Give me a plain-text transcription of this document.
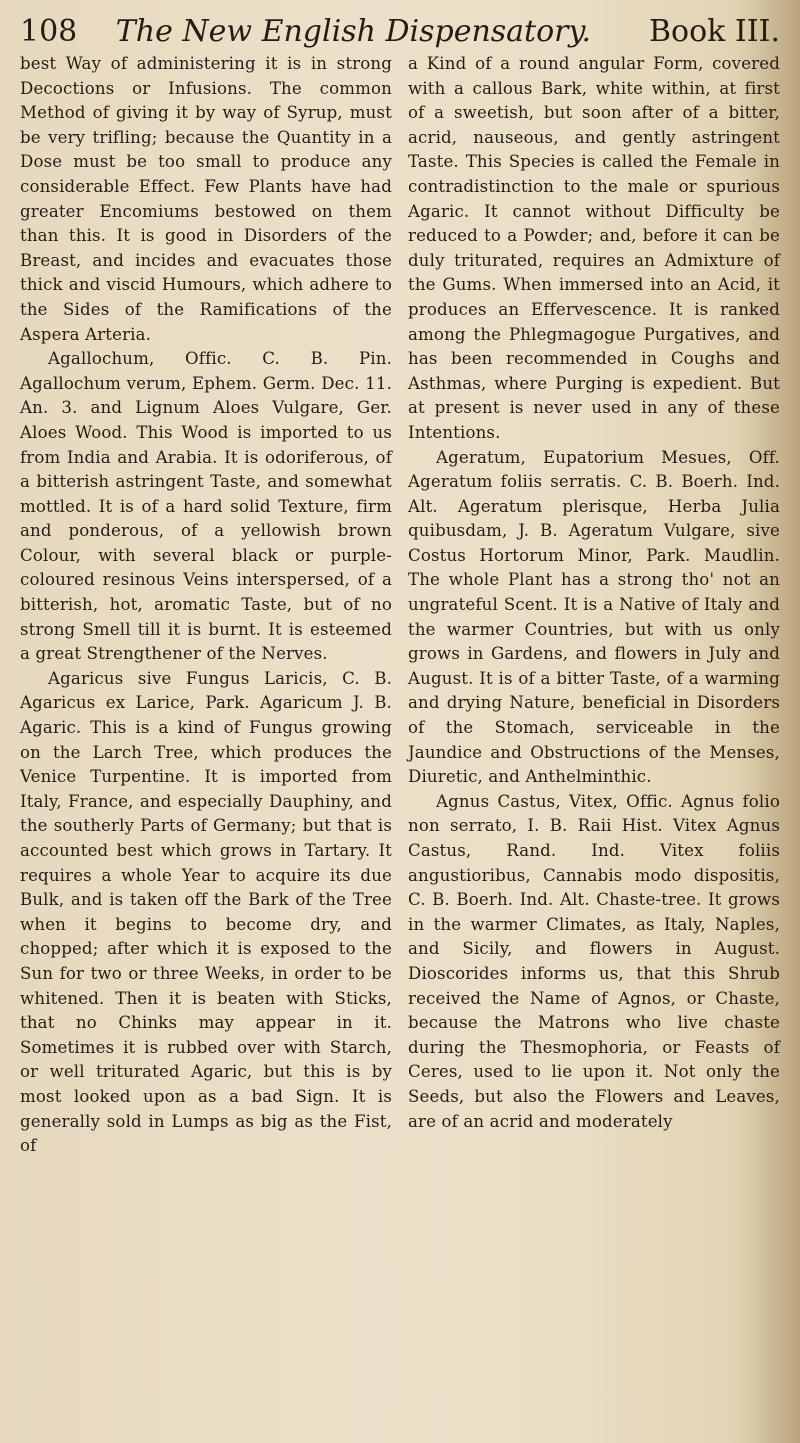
108 The New English Dispensatory. Book III.

best Way of administering it is in strong Decoctions or Infusions. The common Method of giving it by way of Syrup, must be very trifling; because the Quantity in a Dose must be too small to produce any considerable Effect. Few Plants have had greater Encomiums bestowed on them than this. It is good in Disorders of the Breast, and incides and evacuates those thick and viscid Humours, which adhere to the Sides of the Ramifications of the Aspera Arteria.

Agallochum, Offic. C. B. Pin. Agallochum verum, Ephem. Germ. Dec. 11. An. 3. and Lignum Aloes Vulgare, Ger. Aloes Wood. This Wood is imported to us from India and Arabia. It is odoriferous, of a bitterish astringent Taste, and somewhat mottled. It is of a hard solid Texture, firm and ponderous, of a yellowish brown Colour, with several black or purple-coloured resinous Veins interspersed, of a bitterish, hot, aromatic Taste, but of no strong Smell till it is burnt. It is esteemed a great Strengthener of the Nerves.

Agaricus sive Fungus Laricis, C. B. Agaricus ex Larice, Park. Agaricum J. B. Agaric. This is a kind of Fungus growing on the Larch Tree, which produces the Venice Turpentine. It is imported from Italy, France, and especially Dauphiny, and the southerly Parts of Germany; but that is accounted best which grows in Tartary. It requires a whole Year to acquire its due Bulk, and is taken off the Bark of the Tree when it begins to become dry, and chopped; after which it is exposed to the Sun for two or three Weeks, in order to be whitened. Then it is beaten with Sticks, that no Chinks may appear in it. Sometimes it is rubbed over with Starch, or well triturated Agaric, but this is by most looked upon as a bad Sign. It is generally sold in Lumps as big as the Fist, of

a Kind of a round angular Form, covered with a callous Bark, white within, at first of a sweetish, but soon after of a bitter, acrid, nauseous, and gently astringent Taste. This Species is called the Female in contradistinction to the male or spurious Agaric. It cannot without Difficulty be reduced to a Powder; and, before it can be duly triturated, requires an Admixture of the Gums. When immersed into an Acid, it produces an Effervescence. It is ranked among the Phlegmagogue Purgatives, and has been recommended in Coughs and Asthmas, where Purging is expedient. But at present is never used in any of these Intentions.

Ageratum, Eupatorium Mesues, Off. Ageratum foliis serratis. C. B. Boerh. Ind. Alt. Ageratum plerisque, Herba Julia quibusdam, J. B. Ageratum Vulgare, sive Costus Hortorum Minor, Park. Maudlin. The whole Plant has a strong tho' not an ungrateful Scent. It is a Native of Italy and the warmer Countries, but with us only grows in Gardens, and flowers in July and August. It is of a bitter Taste, of a warming and drying Nature, beneficial in Disorders of the Stomach, serviceable in the Jaundice and Obstructions of the Menses, Diuretic, and Anthelminthic.

Agnus Castus, Vitex, Offic. Agnus folio non serrato, I. B. Raii Hist. Vitex Agnus Castus, Rand. Ind. Vitex foliis angustioribus, Cannabis modo dispositis, C. B. Boerh. Ind. Alt. Chaste-tree. It grows in the warmer Climates, as Italy, Naples, and Sicily, and flowers in August. Dioscorides informs us, that this Shrub received the Name of Agnos, or Chaste, because the Matrons who live chaste during the Thesmophoria, or Feasts of Ceres, used to lie upon it. Not only the Seeds, but also the Flowers and Leaves, are of an acrid and moderately
